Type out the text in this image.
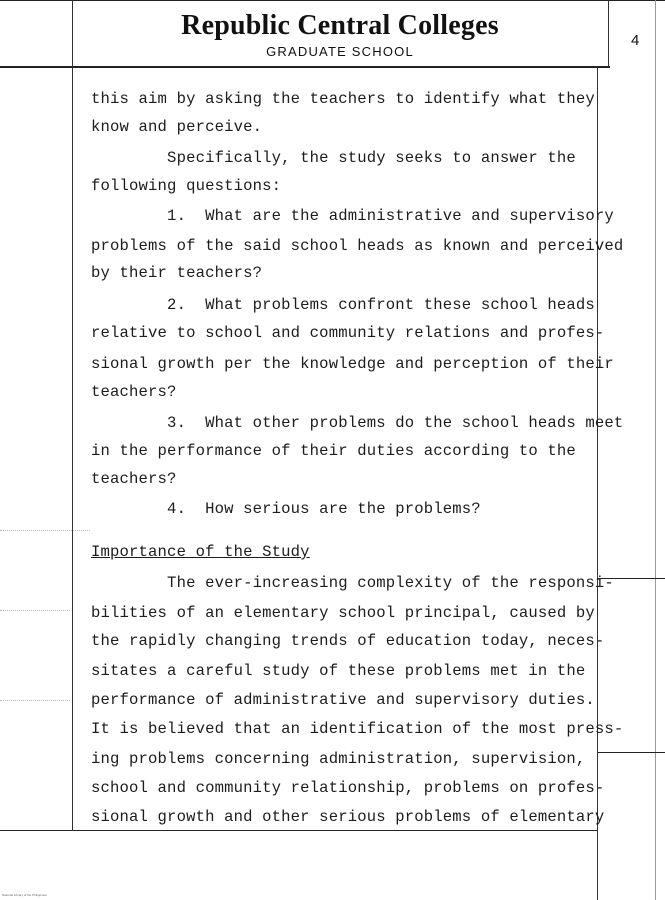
Republic Central Colleges
GRADUATE SCHOOL
4
this aim by asking the teachers to identify what they
know and perceive.
Specifically, the study seeks to answer the
following questions:
1.  What are the administrative and supervisory
problems of the said school heads as known and perceived
by their teachers?
2.  What problems confront these school heads
relative to school and community relations and profes-
sional growth per the knowledge and perception of their
teachers?
3.  What other problems do the school heads meet
in the performance of their duties according to the
teachers?
4.  How serious are the problems?
Importance of the Study
The ever-increasing complexity of the responsi-
bilities of an elementary school principal, caused by
the rapidly changing trends of education today, neces-
sitates a careful study of these problems met in the
performance of administrative and supervisory duties.
It is believed that an identification of the most press-
ing problems concerning administration, supervision,
school and community relationship, problems on profes-
sional growth and other serious problems of elementary
National Library of the Philippines
